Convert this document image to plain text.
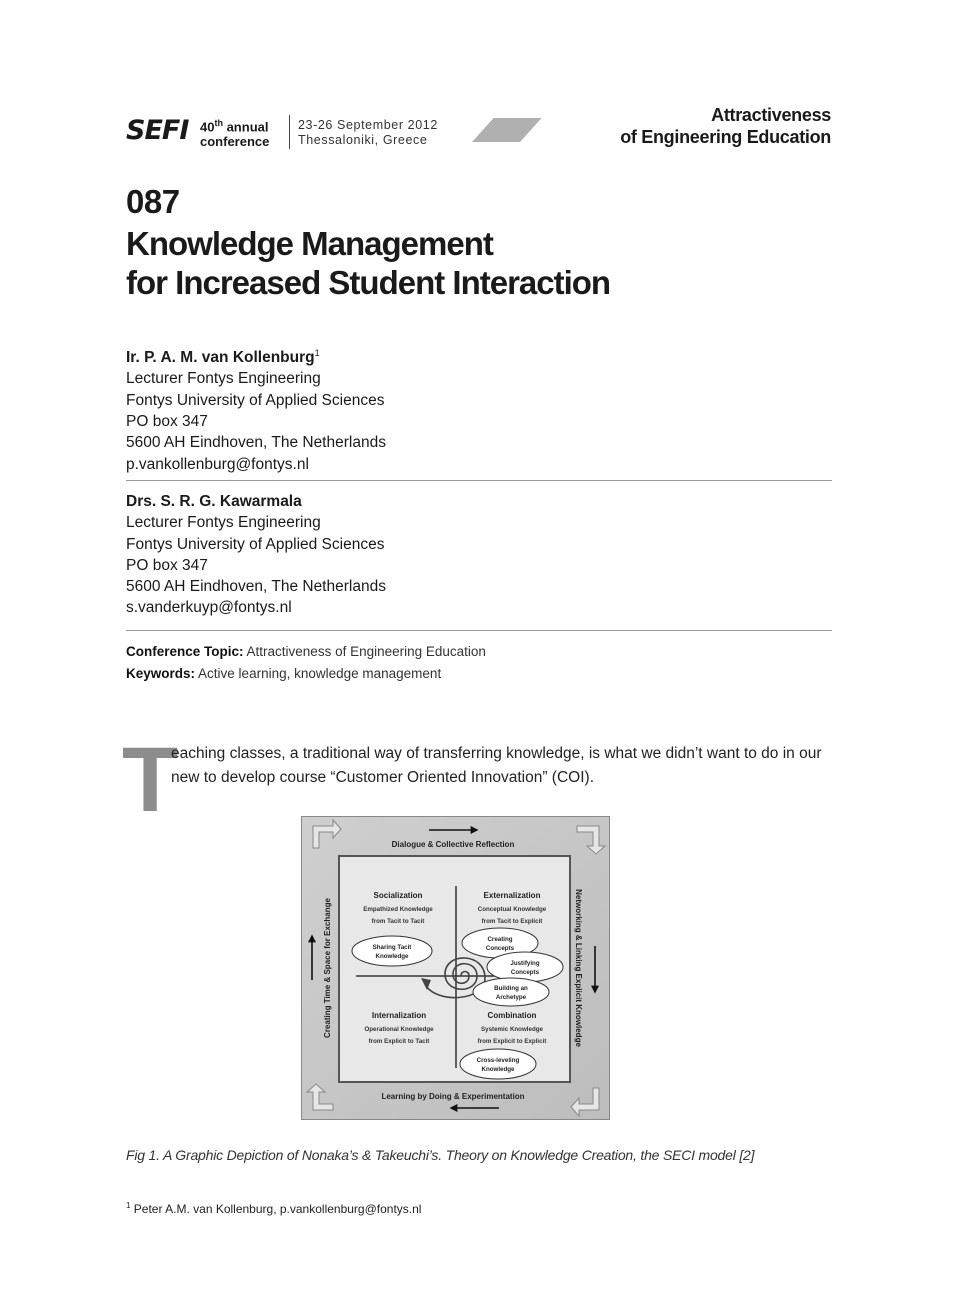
SEFI 40th annual
conference
23-26 September 2012
Thessaloniki, Greece
Attractiveness
of Engineering Education
087
Knowledge Management
for Increased Student Interaction
Ir. P. A. M. van Kollenburg$^1$
Lecturer Fontys Engineering
Fontys University of Applied Sciences
PO box 347
5600 AH Eindhoven, The Netherlands
p.vankollenburg@fontys.nl
Drs. S. R. G. Kawarmala
Lecturer Fontys Engineering
Fontys University of Applied Sciences
PO box 347
5600 AH Eindhoven, The Netherlands
s.vanderkuyp@fontys.nl
Conference Topic: Attractiveness of Engineering Education
Keywords: Active learning, knowledge management
T
eaching classes, a traditional way of transferring knowledge, is what we didn’t want to do in our new to develop course “Customer Oriented Innovation” (COI).
Dialogue & Collective Reflection
Learning by Doing & Experimentation
Creating Time & Space for Exchange	Networking & Linking Explicit Knowledge
Socialization
Empathized Knowledge
from Tacit to Tacit
Externalization
Conceptual Knowledge
from Tacit to Explicit
Internalization
Operational Knowledge
from Explicit to Tacit
Combination
Systemic Knowledge
from Explicit to Explicit
Sharing Tacit
Knowledge
Creating
Concepts
Justifying
Concepts
Building an
Archetype
Cross-leveling
Knowledge
Fig 1. A Graphic Depiction of Nonaka’s & Takeuchi’s. Theory on Knowledge Creation, the SECI model [2]
$^1$ Peter A.M. van Kollenburg, p.vankollenburg@fontys.nl
